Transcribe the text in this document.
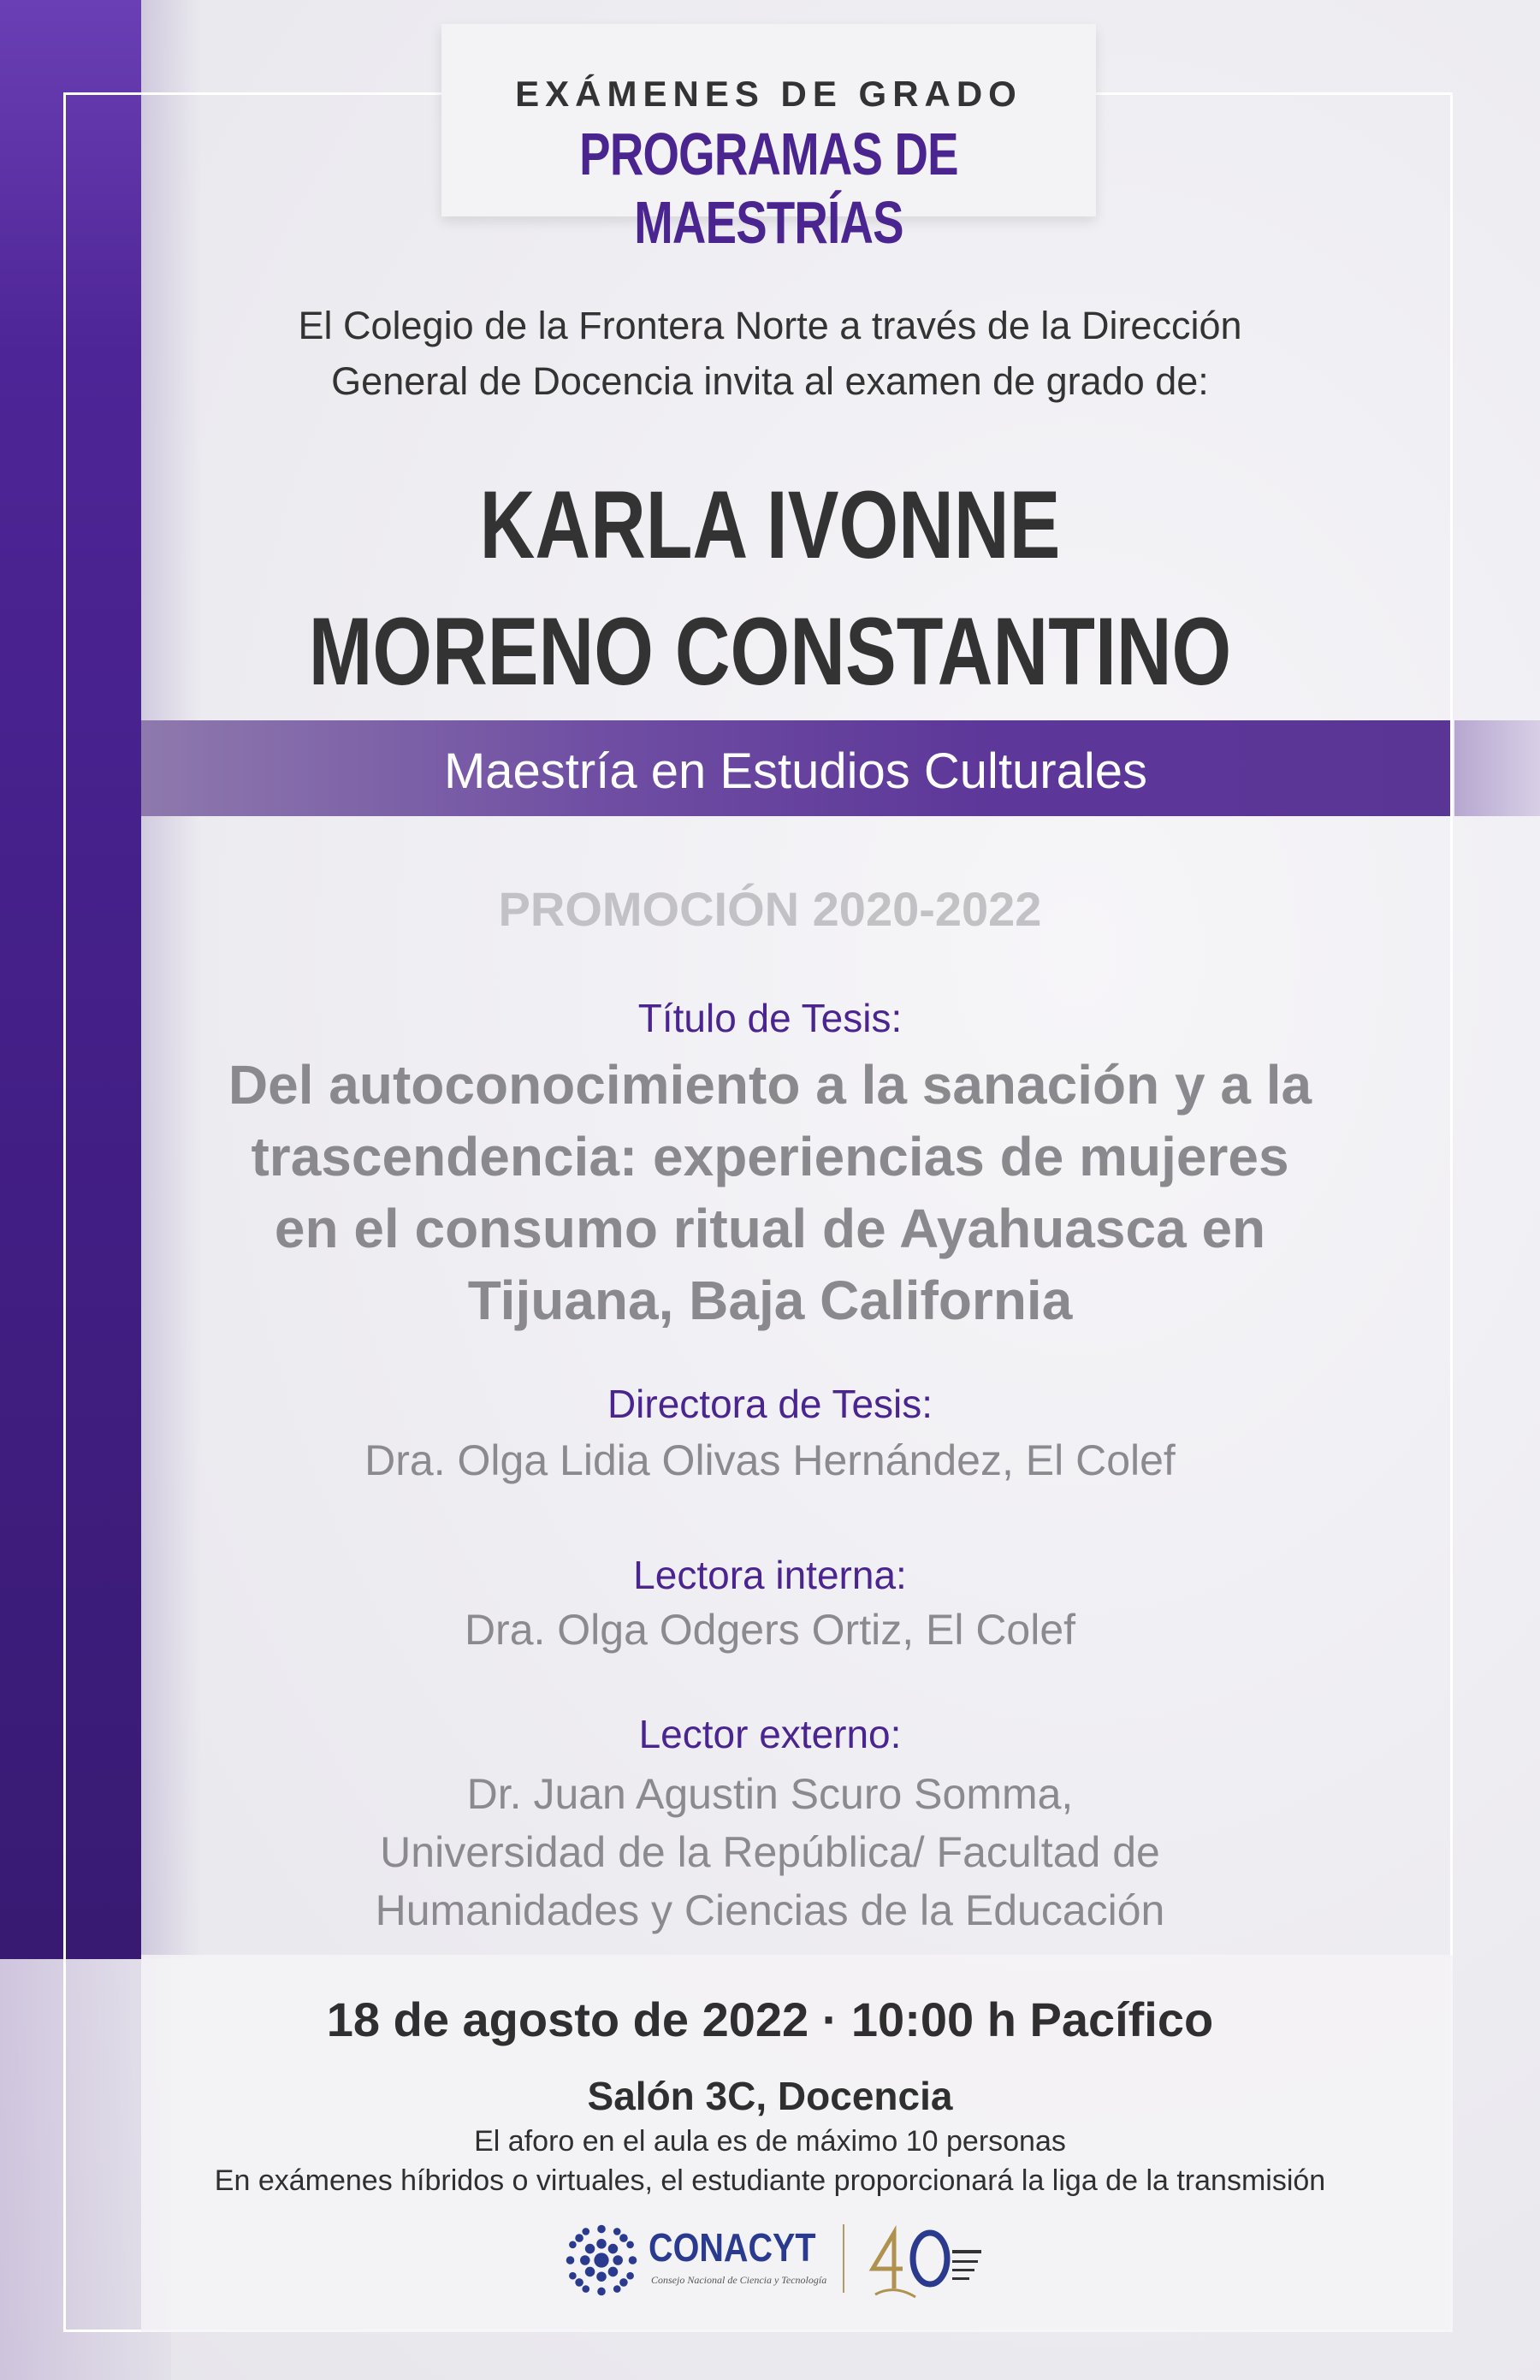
EXÁMENES DE GRADO
PROGRAMAS DE MAESTRÍAS
El Colegio de la Frontera Norte a través de la Dirección
General de Docencia invita al examen de grado de:
KARLA IVONNE
MORENO CONSTANTINO
Maestría en Estudios Culturales
PROMOCIÓN 2020-2022
Título de Tesis:
Del autoconocimiento a la sanación y a la
trascendencia: experiencias de mujeres
en el consumo ritual de Ayahuasca en
Tijuana, Baja California
Directora de Tesis:
Dra. Olga Lidia Olivas Hernández, El Colef
Lectora interna:
Dra. Olga Odgers Ortiz, El Colef
Lector externo:
Dr. Juan Agustin Scuro Somma,
Universidad de la República/ Facultad de
Humanidades y Ciencias de la Educación
18 de agosto de 2022 · 10:00 h Pacífico
Salón 3C, Docencia
El aforo en el aula es de máximo 10 personas
En exámenes híbridos o virtuales, el estudiante proporcionará la liga de la transmisión
CONACYT
Consejo Nacional de Ciencia y Tecnología
